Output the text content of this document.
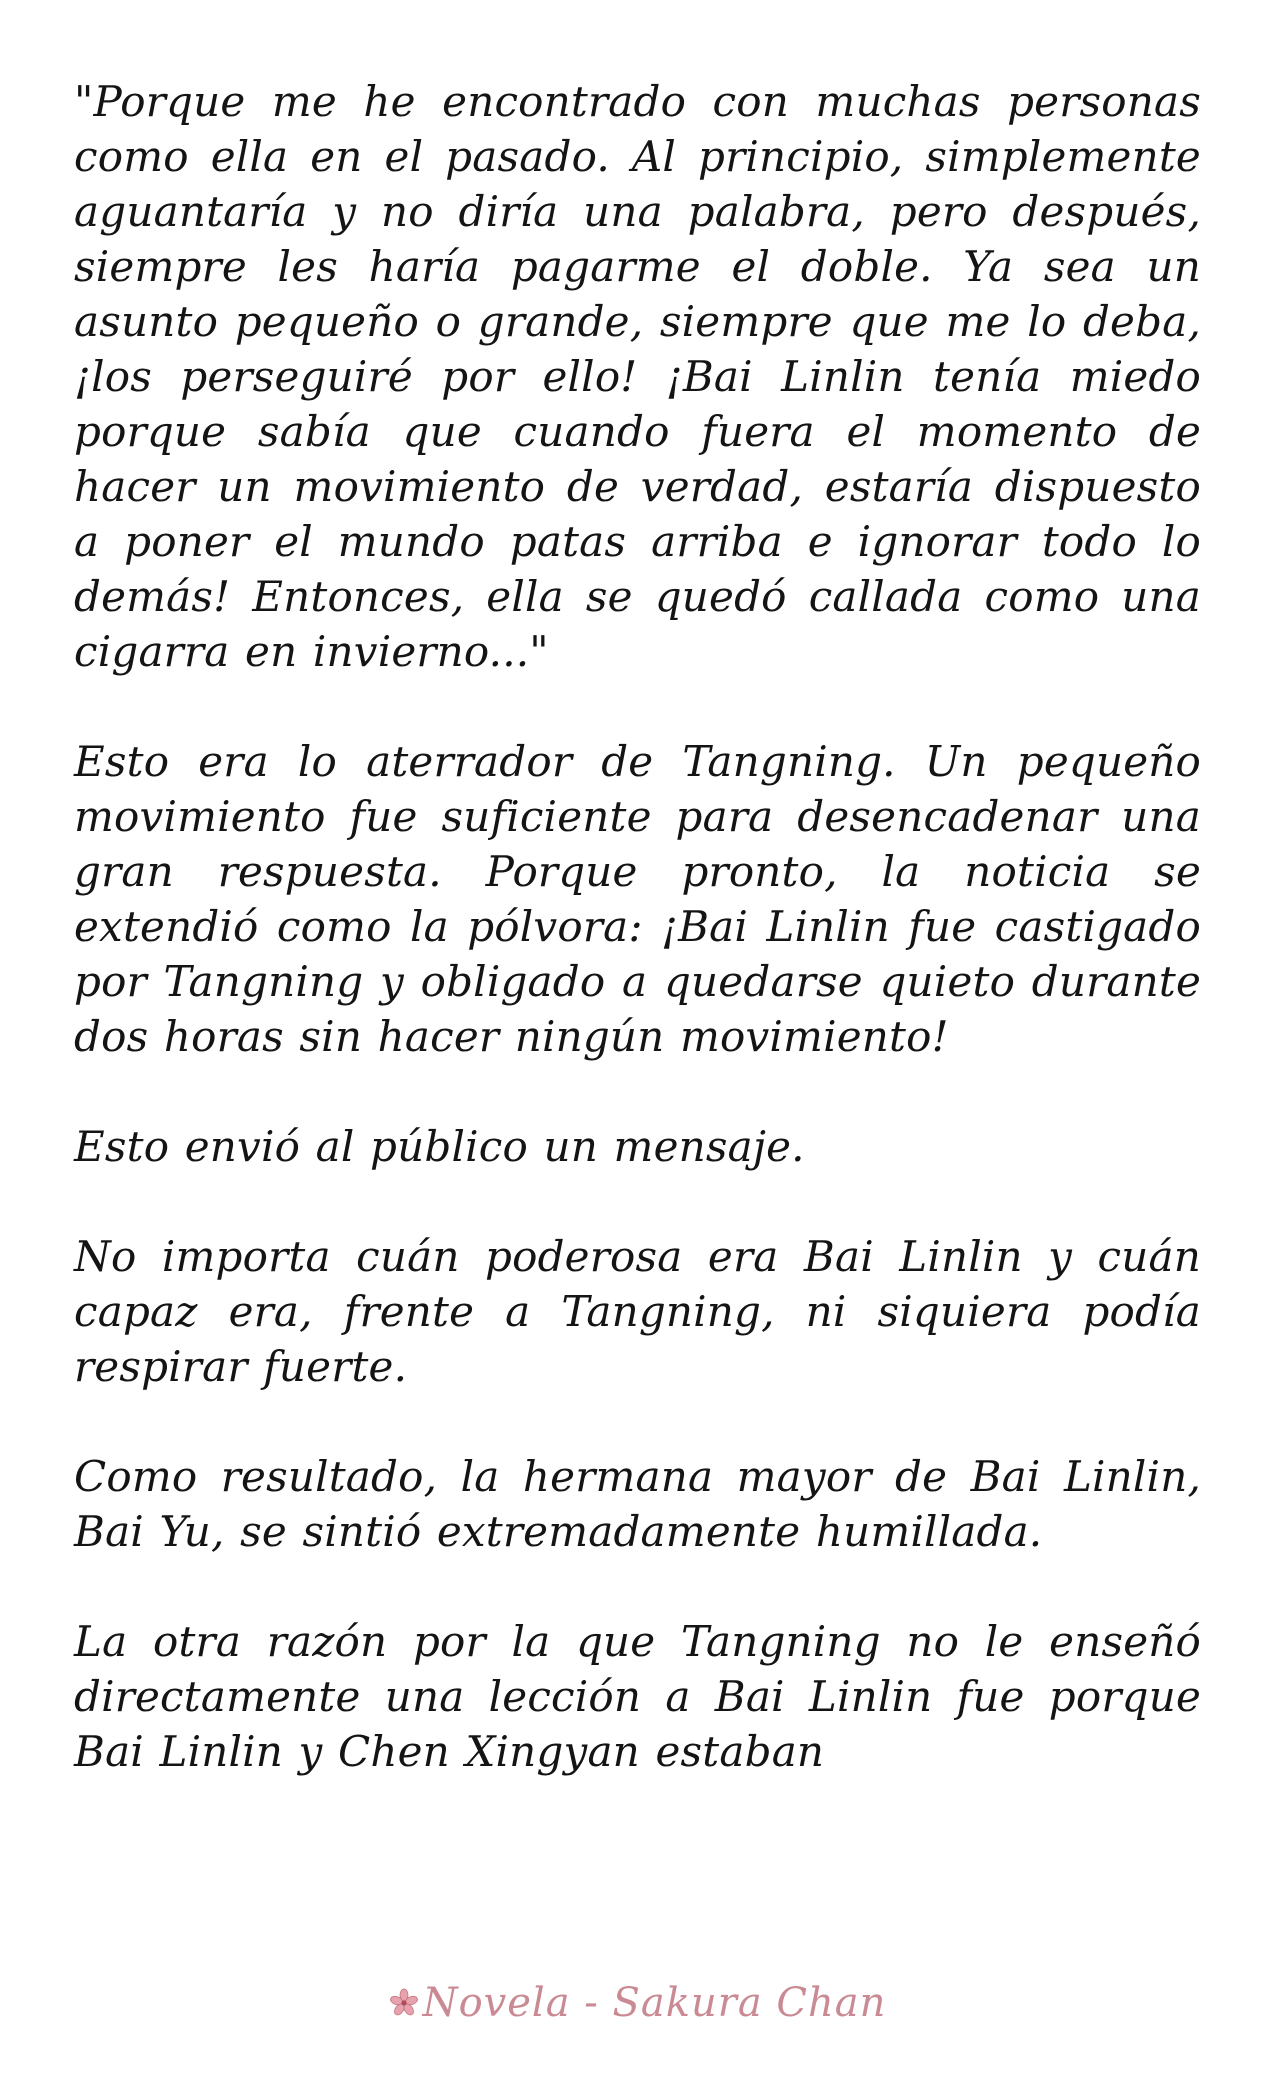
"Porque me he encontrado con muchas personas como ella en el pasado. Al principio, simplemente aguantaría y no diría una palabra, pero después, siempre les haría pagarme el doble. Ya sea un asunto pequeño o grande, siempre que me lo deba, ¡los perseguiré por ello! ¡Bai Linlin tenía miedo porque sabía que cuando fuera el momento de hacer un movimiento de verdad, estaría dispuesto a poner el mundo patas arriba e ignorar todo lo demás! Entonces, ella se quedó callada como una cigarra en invierno..."

Esto era lo aterrador de Tangning. Un pequeño movimiento fue suficiente para desencadenar una gran respuesta. Porque pronto, la noticia se extendió como la pólvora: ¡Bai Linlin fue castigado por Tangning y obligado a quedarse quieto durante dos horas sin hacer ningún movimiento!

Esto envió al público un mensaje.

No importa cuán poderosa era Bai Linlin y cuán capaz era, frente a Tangning, ni siquiera podía respirar fuerte.

Como resultado, la hermana mayor de Bai Linlin, Bai Yu, se sintió extremadamente humillada.

La otra razón por la que Tangning no le enseñó directamente una lección a Bai Linlin fue porque Bai Linlin y Chen Xingyan estaban

Novela - Sakura Chan
